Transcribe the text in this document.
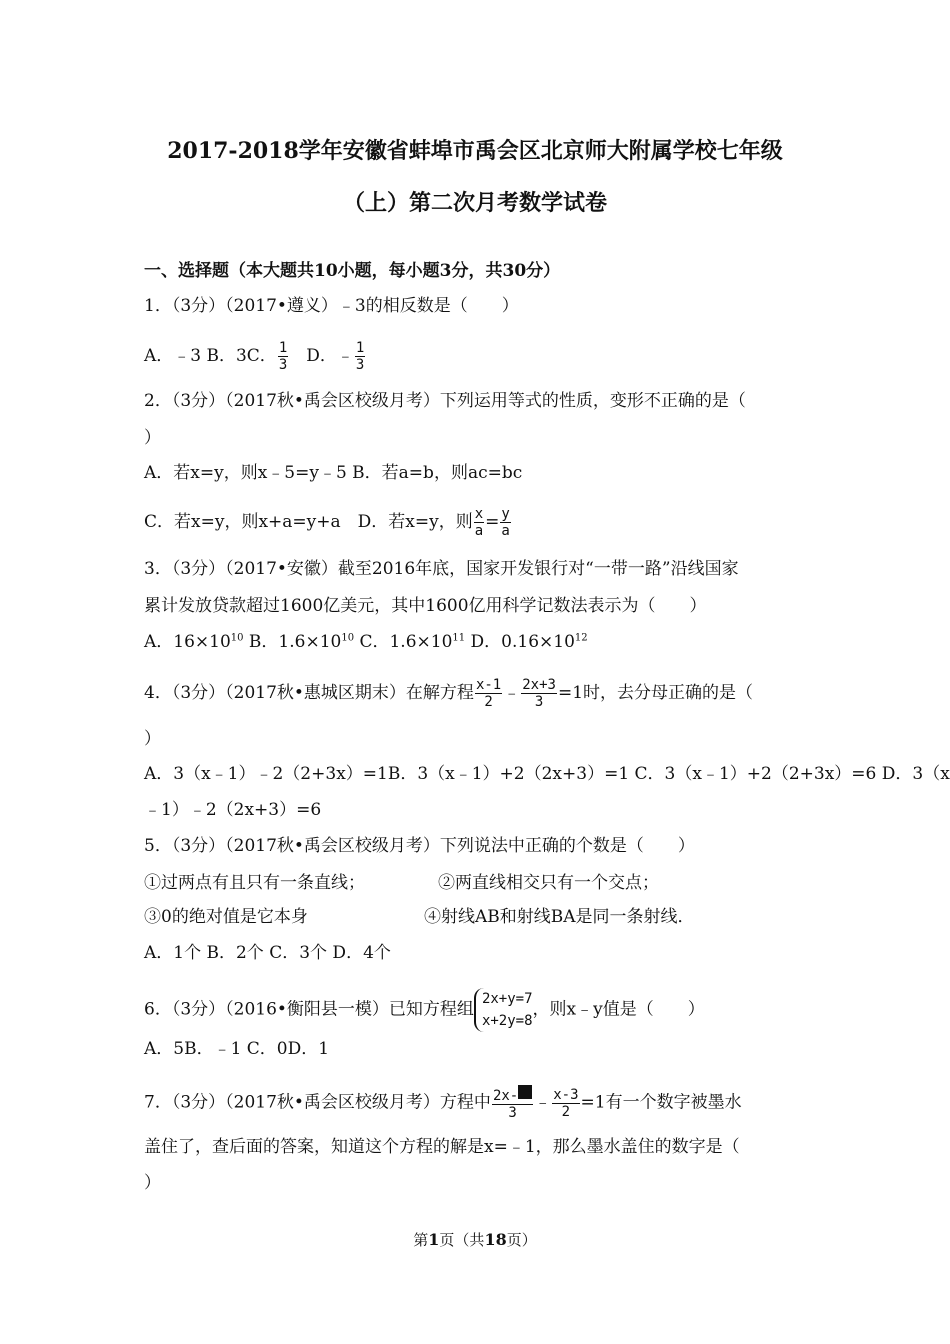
2017-2018学年安徽省蚌埠市禹会区北京师大附属学校七年级
（上）第二次月考数学试卷
一、选择题（本大题共10小题，每小题3分，共30分）
1．（3分）（2017•遵义）﹣3的相反数是（　　）
A．﹣3 B．3C． $\frac{1}{3}$ 　D．﹣ $\frac{1}{3}$
2．（3分）（2017秋•禹会区校级月考）下列运用等式的性质，变形不正确的是（
）
A．若x=y，则x﹣5=y﹣5 B．若a=b，则ac=bc
C．若x=y，则x+a=y+a　D．若x=y，则 $\frac{x}{a} = \frac{y}{a}$
3．（3分）（2017•安徽）截至2016年底，国家开发银行对“一带一路”沿线国家
累计发放贷款超过1600亿美元，其中1600亿用科学记数法表示为（　　）
A．$16\times 10^{10}$ B．$1.6\times 10^{10}$ C．$1.6\times 10^{11}$ D．$0.16\times 10^{12}$
4．（3分）（2017秋•惠城区期末）在解方程 $\frac{x-1}{2}$ ﹣ $\frac{2x+3}{3} =1$时，去分母正确的是（
）
A．3（x﹣1）﹣2（2+3x）=1B．3（x﹣1）+2（2x+3）=1 C．3（x﹣1）+2（2+3x）=6 D．3（x
﹣1）﹣2（2x+3）=6
5．（3分）（2017秋•禹会区校级月考）下列说法中正确的个数是（　　）
①过两点有且只有一条直线；	②两直线相交只有一个交点；
③0的绝对值是它本身	④射线AB和射线BA是同一条射线．
A．1个 B．2个 C．3个 D．4个
6．（3分）（2016•衡阳县一模）已知方程组
2x+y=7
x+2y=8
，则x﹣y值是（　　）
A．5B．﹣1 C．0D．1
7．（3分）（2017秋•禹会区校级月考）方程中 $\frac{2x-}{3}$ ﹣ $\frac{x-3}{2} =1$有一个数字被墨水
盖住了，查后面的答案，知道这个方程的解是x=﹣1，那么墨水盖住的数字是（
）
第1页（共18页）
